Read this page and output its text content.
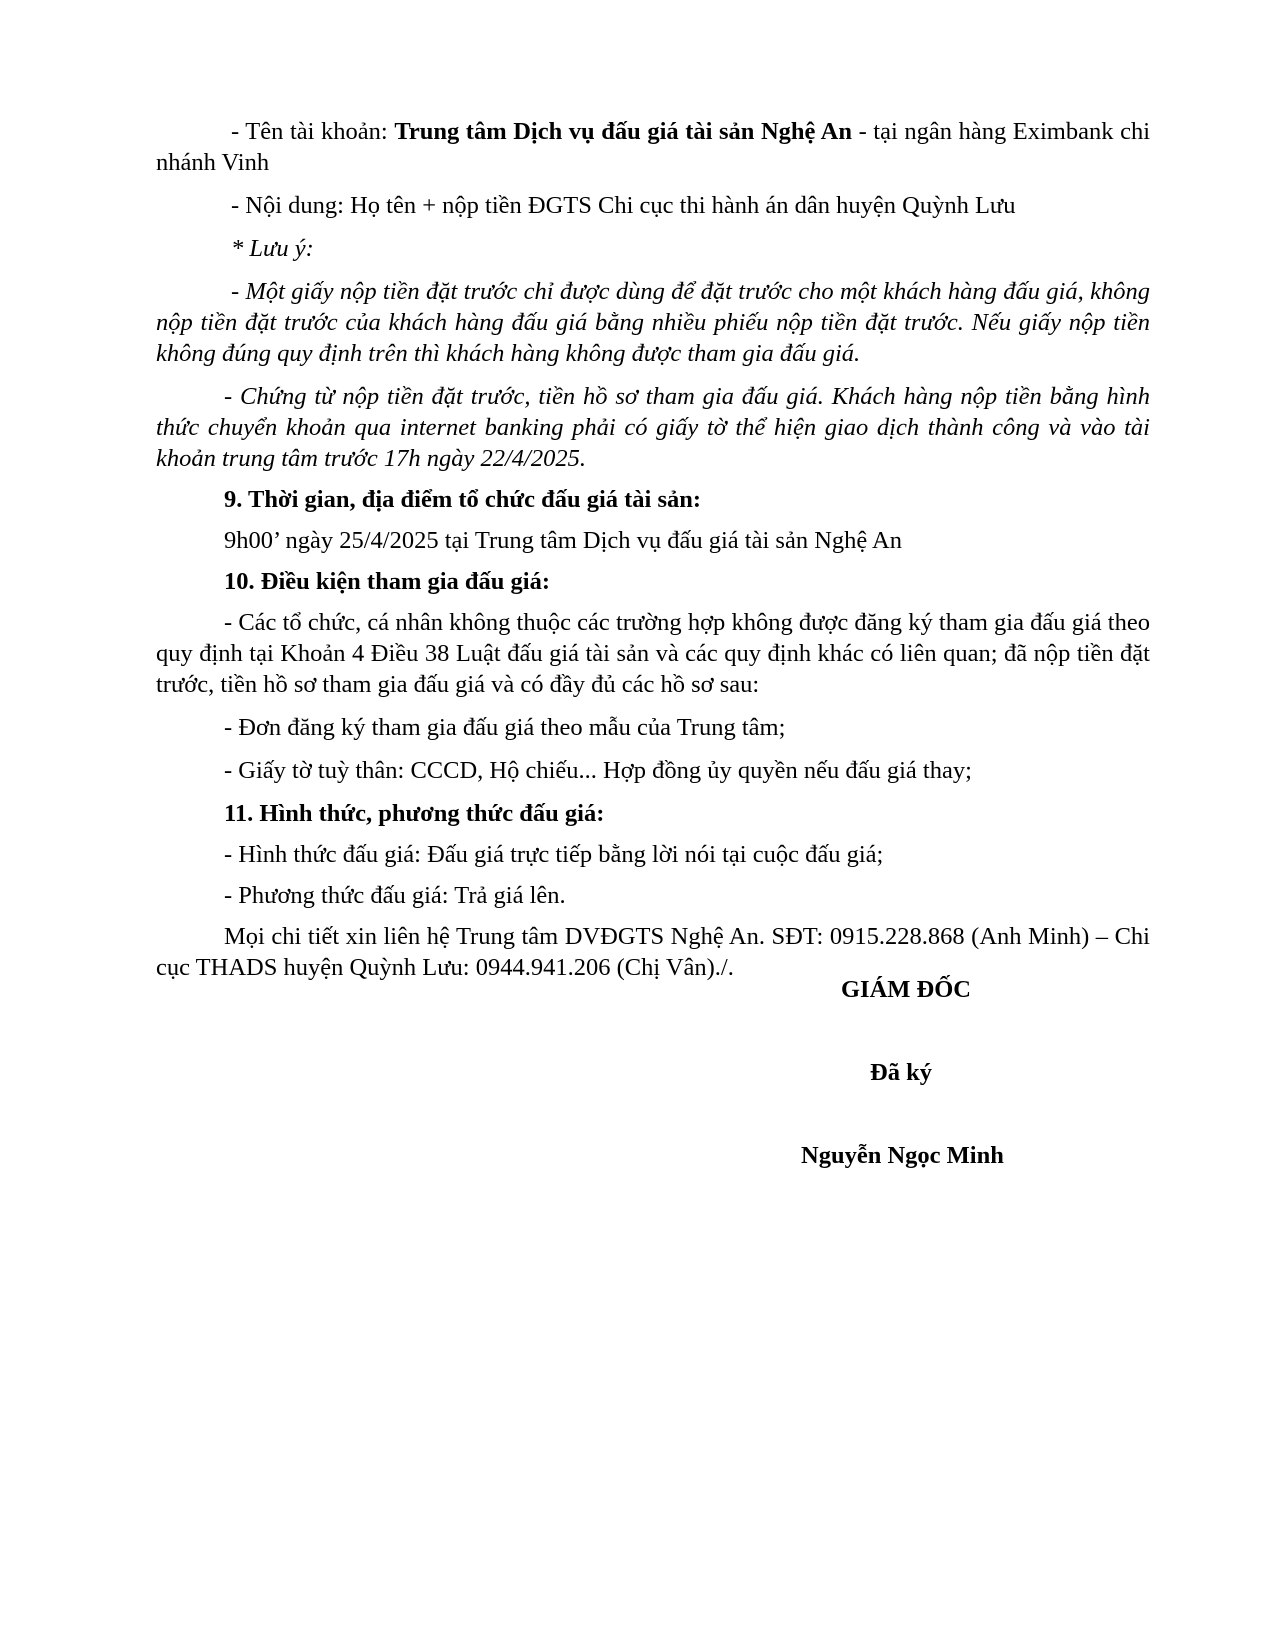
- Tên tài khoản: Trung tâm Dịch vụ đấu giá tài sản Nghệ An - tại ngân hàng Eximbank chi nhánh Vinh

- Nội dung: Họ tên + nộp tiền ĐGTS Chi cục thi hành án dân huyện Quỳnh Lưu

* Lưu ý:

- Một giấy nộp tiền đặt trước chỉ được dùng để đặt trước cho một khách hàng đấu giá, không nộp tiền đặt trước của khách hàng đấu giá bằng nhiều phiếu nộp tiền đặt trước. Nếu giấy nộp tiền không đúng quy định trên thì khách hàng không được tham gia đấu giá.

- Chứng từ nộp tiền đặt trước, tiền hồ sơ tham gia đấu giá. Khách hàng nộp tiền bằng hình thức chuyển khoản qua internet banking phải có giấy tờ thể hiện giao dịch thành công và vào tài khoản trung tâm trước 17h ngày 22/4/2025.

9. Thời gian, địa điểm tổ chức đấu giá tài sản:

9h00’ ngày 25/4/2025 tại Trung tâm Dịch vụ đấu giá tài sản Nghệ An

10. Điều kiện tham gia đấu giá:

- Các tổ chức, cá nhân không thuộc các trường hợp không được đăng ký tham gia đấu giá theo quy định tại Khoản 4 Điều 38 Luật đấu giá tài sản và các quy định khác có liên quan; đã nộp tiền đặt trước, tiền hồ sơ tham gia đấu giá và có đầy đủ các hồ sơ sau:

- Đơn đăng ký tham gia đấu giá theo mẫu của Trung tâm;

- Giấy tờ tuỳ thân: CCCD, Hộ chiếu... Hợp đồng ủy quyền nếu đấu giá thay;

11. Hình thức, phương thức đấu giá:

- Hình thức đấu giá: Đấu giá trực tiếp bằng lời nói tại cuộc đấu giá;

- Phương thức đấu giá: Trả giá lên.

Mọi chi tiết xin liên hệ Trung tâm DVĐGTS Nghệ An. SĐT: 0915.228.868 (Anh Minh) – Chi cục THADS huyện Quỳnh Lưu: 0944.941.206 (Chị Vân)./.

GIÁM ĐỐC
Đã ký
Nguyễn Ngọc Minh
